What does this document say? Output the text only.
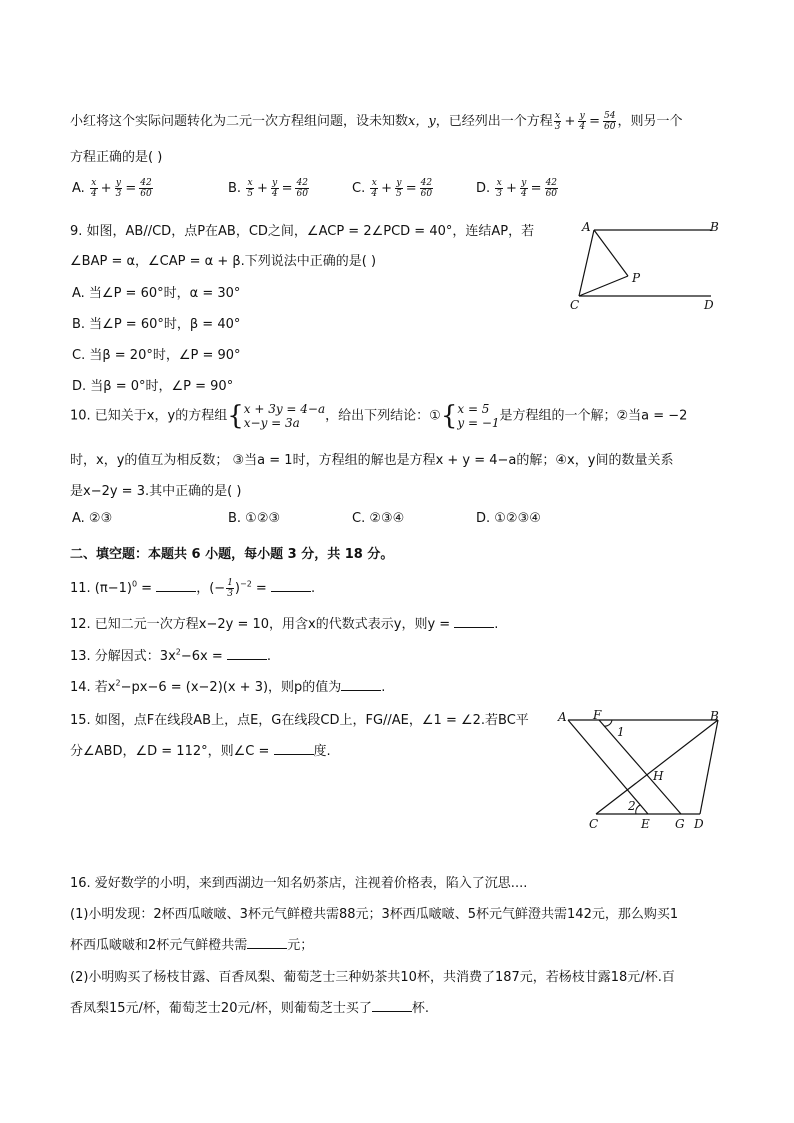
小红将这个实际问题转化为二元一次方程组问题，设未知数x，y，已经列出一个方程 $\frac{x}{3} + \frac{y}{4} = \frac{54}{60}$ ，则另一个
方程正确的是( )
A. $\frac{x}{4} + \frac{y}{3} = \frac{42}{60}$	B. $\frac{x}{5} + \frac{y}{4} = \frac{42}{60}$	C. $\frac{x}{4} + \frac{y}{5} = \frac{42}{60}$	D. $\frac{x}{3} + \frac{y}{4} = \frac{42}{60}$
9. 如图，AB//CD，点P在AB，CD之间，∠ACP = 2∠PCD = 40°，连结AP，若
∠BAP = α，∠CAP = α + β.下列说法中正确的是( )
A. 当∠P = 60°时，α = 30°
B. 当∠P = 60°时，β = 40°
C. 当β = 20°时，∠P = 90°
D. 当β = 0°时，∠P = 90°
A	B
P
C	D
10. 已知关于x，y的方程组{ x + 3y = 4−a
x−y = 3a	，给出下列结论：①{ x = 5
y = −1 是方程组的一个解；②当a = −2
时，x，y的值互为相反数； ③当a = 1时，方程组的解也是方程x + y = 4−a的解；④x，y间的数量关系
是x−2y = 3.其中正确的是( )
A. ②③	B. ①②③	C. ②③④	D. ①②③④
二、填空题：本题共 6 小题，每小题 3 分，共 18 分。
11. $(\pi-1)^0$ =	，(− $\frac{1}{3} )^{-2}$ =	.
12. 已知二元一次方程x−2y = 10，用含x的代数式表示y，则y =	.
13. 分解因式：$3x^2-6x$ =	.
14. 若$x^2-px-6 = (x-2)(x + 3)$，则p的值为	.
15. 如图，点F在线段AB上，点E，G在线段CD上，FG//AE，∠1 = ∠2.若BC平
分∠ABD，∠D = 112°，则∠C =	度.
A F	B
1
H
2
C	E G D
16. 爱好数学的小明，来到西湖边一知名奶茶店，注视着价格表，陷入了沉思....
(1)小明发现：2杯西瓜啵啵、3杯元气鲜橙共需88元；3杯西瓜啵啵、5杯元气鲜澄共需142元，那么购买1
杯西瓜啵啵和2杯元气鲜橙共需	元；
(2)小明购买了杨枝甘露、百香凤梨、葡萄芝士三种奶茶共10杯，共消费了187元，若杨枝甘露18元/杯.百
香凤梨15元/杯，葡萄芝士20元/杯，则葡萄芝士买了	杯.
